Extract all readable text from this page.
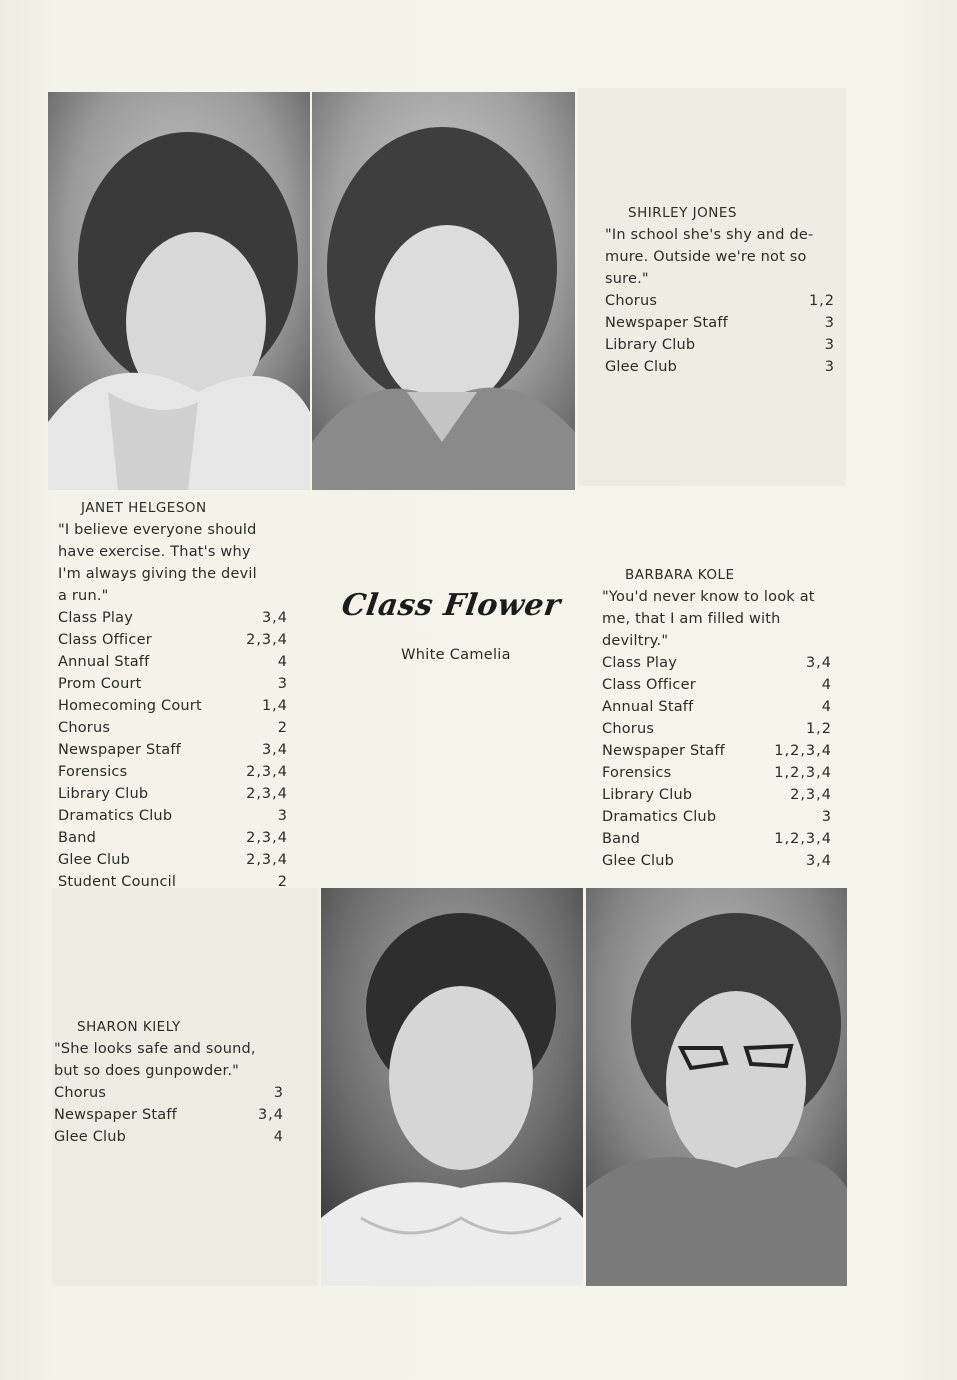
SHIRLEY JONES
"In school she's shy and de-
mure. Outside we're not so
sure."
Chorus	1,2
Newspaper Staff	3
Library Club	3
Glee Club	3
JANET HELGESON
"I believe everyone should
have exercise. That's why
I'm always giving the devil
a run."
Class Play	3,4
Class Officer	2,3,4
Annual Staff	4
Prom Court	3
Homecoming Court	1,4
Chorus	2
Newspaper Staff	3,4
Forensics	2,3,4
Library Club	2,3,4
Dramatics Club	3
Band	2,3,4
Glee Club	2,3,4
Student Council	2
Class Flower
White Camelia
BARBARA KOLE
"You'd never know to look at
me, that I am filled with
deviltry."
Class Play	3,4
Class Officer	4
Annual Staff	4
Chorus	1,2
Newspaper Staff	1,2,3,4
Forensics	1,2,3,4
Library Club	2,3,4
Dramatics Club	3
Band	1,2,3,4
Glee Club	3,4
SHARON KIELY
"She looks safe and sound,
but so does gunpowder."
Chorus	3
Newspaper Staff	3,4
Glee Club	4
